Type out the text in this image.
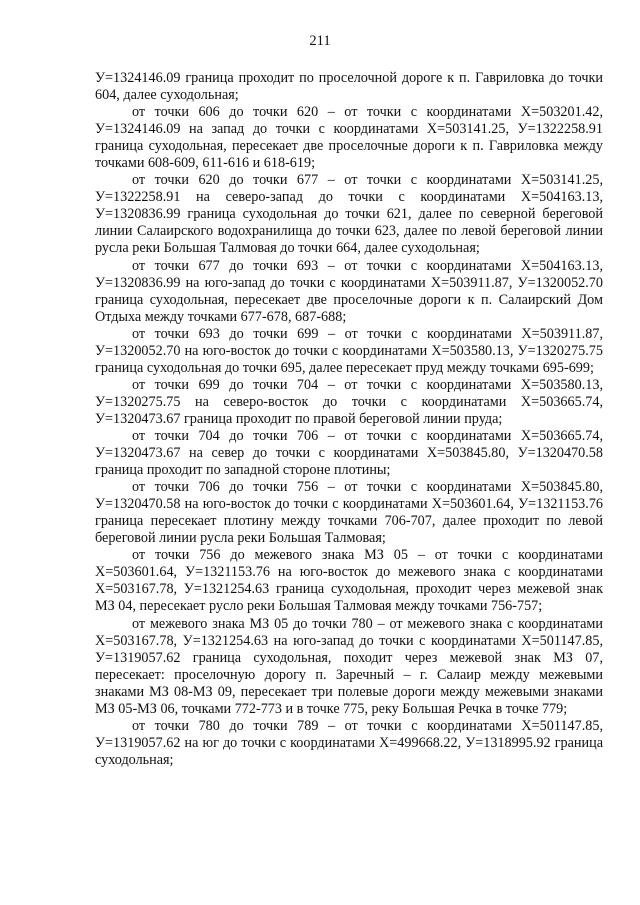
211

У=1324146.09 граница проходит по проселочной дороге к п. Гавриловка до точки 604, далее суходольная;

от точки 606 до точки 620 – от точки с координатами Х=503201.42, У=1324146.09 на запад до точки с координатами Х=503141.25, У=1322258.91 граница суходольная, пересекает две проселочные дороги к п. Гавриловка между точками 608-609, 611-616 и 618-619;

от точки 620 до точки 677 – от точки с координатами Х=503141.25, У=1322258.91 на северо-запад до точки с координатами Х=504163.13, У=1320836.99 граница суходольная до точки 621, далее по северной береговой линии Салаирского водохранилища до точки 623, далее по левой береговой линии русла реки Большая Талмовая до точки 664, далее суходольная;

от точки 677 до точки 693 – от точки с координатами Х=504163.13, У=1320836.99 на юго-запад до точки с координатами Х=503911.87, У=1320052.70 граница суходольная, пересекает две проселочные дороги к п. Салаирский Дом Отдыха между точками 677-678, 687-688;

от точки 693 до точки 699 – от точки с координатами Х=503911.87, У=1320052.70 на юго-восток до точки с координатами Х=503580.13, У=1320275.75 граница суходольная до точки 695, далее пересекает пруд между точками 695-699;

от точки 699 до точки 704 – от точки с координатами Х=503580.13, У=1320275.75 на северо-восток до точки с координатами Х=503665.74, У=1320473.67 граница проходит по правой береговой линии пруда;

от точки 704 до точки 706 – от точки с координатами Х=503665.74, У=1320473.67 на север до точки с координатами Х=503845.80, У=1320470.58 граница проходит по западной стороне плотины;

от точки 706 до точки 756 – от точки с координатами Х=503845.80, У=1320470.58 на юго-восток до точки с координатами Х=503601.64, У=1321153.76 граница пересекает плотину между точками 706-707, далее проходит по левой береговой линии русла реки Большая Талмовая;

от точки 756 до межевого знака МЗ 05 – от точки с координатами Х=503601.64, У=1321153.76 на юго-восток до межевого знака с координатами Х=503167.78, У=1321254.63 граница суходольная, проходит через межевой знак МЗ 04, пересекает русло реки Большая Талмовая между точками 756-757;

от межевого знака МЗ 05 до точки 780 – от межевого знака с координатами Х=503167.78, У=1321254.63 на юго-запад до точки с координатами Х=501147.85, У=1319057.62 граница суходольная, походит через межевой знак МЗ 07, пересекает: проселочную дорогу п. Заречный – г. Салаир между межевыми знаками МЗ 08-МЗ 09, пересекает три полевые дороги между межевыми знаками МЗ 05-МЗ 06, точками 772-773 и в точке 775, реку Большая Речка в точке 779;

от точки 780 до точки 789 – от точки с координатами Х=501147.85, У=1319057.62 на юг до точки с координатами Х=499668.22, У=1318995.92 граница суходольная;
